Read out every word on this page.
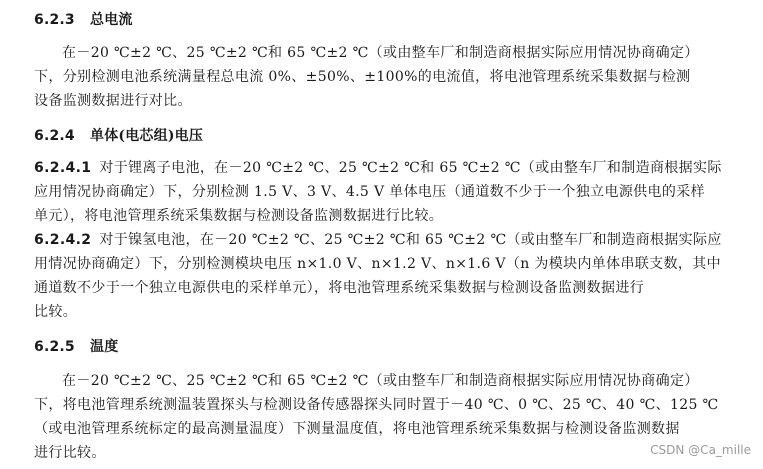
6.2.3 总电流
在－20 ℃±2 ℃、25 ℃±2 ℃和 65 ℃±2 ℃（或由整车厂和制造商根据实际应用情况协商确定）
下，分别检测电池系统满量程总电流 0%、±50%、±100%的电流值，将电池管理系统采集数据与检测
设备监测数据进行对比。
6.2.4 单体(电芯组)电压
6.2.4.1 对于锂离子电池，在－20 ℃±2 ℃、25 ℃±2 ℃和 65 ℃±2 ℃（或由整车厂和制造商根据实际
应用情况协商确定）下，分别检测 1.5 V、3 V、4.5 V 单体电压（通道数不少于一个独立电源供电的采样
单元），将电池管理系统采集数据与检测设备监测数据进行比较。
6.2.4.2 对于镍氢电池，在－20 ℃±2 ℃、25 ℃±2 ℃和 65 ℃±2 ℃（或由整车厂和制造商根据实际应
用情况协商确定）下，分别检测模块电压 n×1.0 V、n×1.2 V、n×1.6 V（n 为模块内单体串联支数，其中
通道数不少于一个独立电源供电的采样单元），将电池管理系统采集数据与检测设备监测数据进行
比较。
6.2.5 温度
在－20 ℃±2 ℃、25 ℃±2 ℃和 65 ℃±2 ℃（或由整车厂和制造商根据实际应用情况协商确定）
下，将电池管理系统测温装置探头与检测设备传感器探头同时置于－40 ℃、0 ℃、25 ℃、40 ℃、125 ℃
（或电池管理系统标定的最高测量温度）下测量温度值，将电池管理系统采集数据与检测设备监测数据
进行比较。	CSDN @Ca_mille
